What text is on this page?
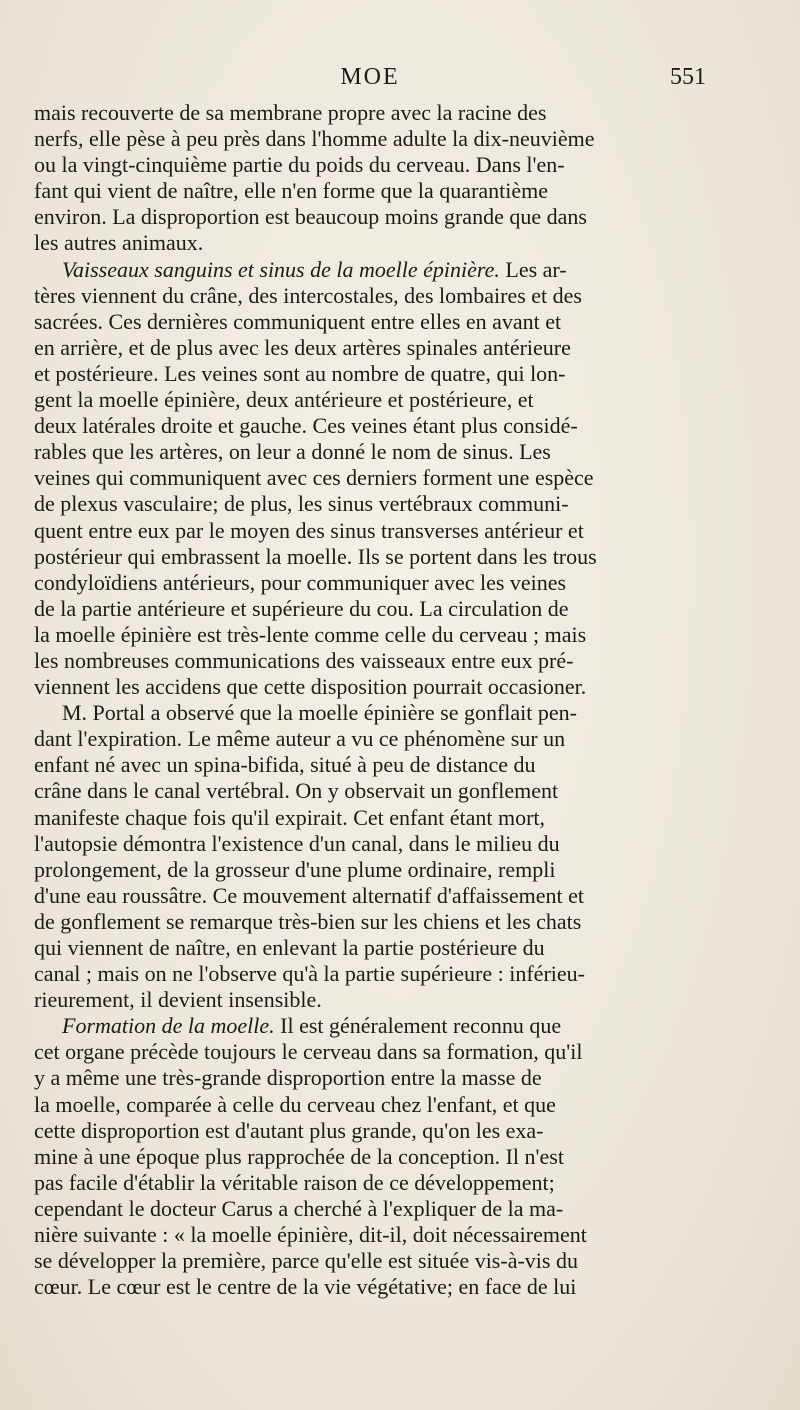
MOE	551
mais recouverte de sa membrane propre avec la racine des
nerfs, elle pèse à peu près dans l'homme adulte la dix-neuvième
ou la vingt-cinquième partie du poids du cerveau. Dans l'en-
fant qui vient de naître, elle n'en forme que la quarantième
environ. La disproportion est beaucoup moins grande que dans
les autres animaux.
Vaisseaux sanguins et sinus de la moelle épinière. Les ar-
tères viennent du crâne, des intercostales, des lombaires et des
sacrées. Ces dernières communiquent entre elles en avant et
en arrière, et de plus avec les deux artères spinales antérieure
et postérieure. Les veines sont au nombre de quatre, qui lon-
gent la moelle épinière, deux antérieure et postérieure, et
deux latérales droite et gauche. Ces veines étant plus considé-
rables que les artères, on leur a donné le nom de sinus. Les
veines qui communiquent avec ces derniers forment une espèce
de plexus vasculaire; de plus, les sinus vertébraux communi-
quent entre eux par le moyen des sinus transverses antérieur et
postérieur qui embrassent la moelle. Ils se portent dans les trous
condyloïdiens antérieurs, pour communiquer avec les veines
de la partie antérieure et supérieure du cou. La circulation de
la moelle épinière est très-lente comme celle du cerveau ; mais
les nombreuses communications des vaisseaux entre eux pré-
viennent les accidens que cette disposition pourrait occasioner.
M. Portal a observé que la moelle épinière se gonflait pen-
dant l'expiration. Le même auteur a vu ce phénomène sur un
enfant né avec un spina-bifida, situé à peu de distance du
crâne dans le canal vertébral. On y observait un gonflement
manifeste chaque fois qu'il expirait. Cet enfant étant mort,
l'autopsie démontra l'existence d'un canal, dans le milieu du
prolongement, de la grosseur d'une plume ordinaire, rempli
d'une eau roussâtre. Ce mouvement alternatif d'affaissement et
de gonflement se remarque très-bien sur les chiens et les chats
qui viennent de naître, en enlevant la partie postérieure du
canal ; mais on ne l'observe qu'à la partie supérieure : inférieu-
rieurement, il devient insensible.
Formation de la moelle. Il est généralement reconnu que
cet organe précède toujours le cerveau dans sa formation, qu'il
y a même une très-grande disproportion entre la masse de
la moelle, comparée à celle du cerveau chez l'enfant, et que
cette disproportion est d'autant plus grande, qu'on les exa-
mine à une époque plus rapprochée de la conception. Il n'est
pas facile d'établir la véritable raison de ce développement;
cependant le docteur Carus a cherché à l'expliquer de la ma-
nière suivante : « la moelle épinière, dit-il, doit nécessairement
se développer la première, parce qu'elle est située vis-à-vis du
cœur. Le cœur est le centre de la vie végétative; en face de lui
